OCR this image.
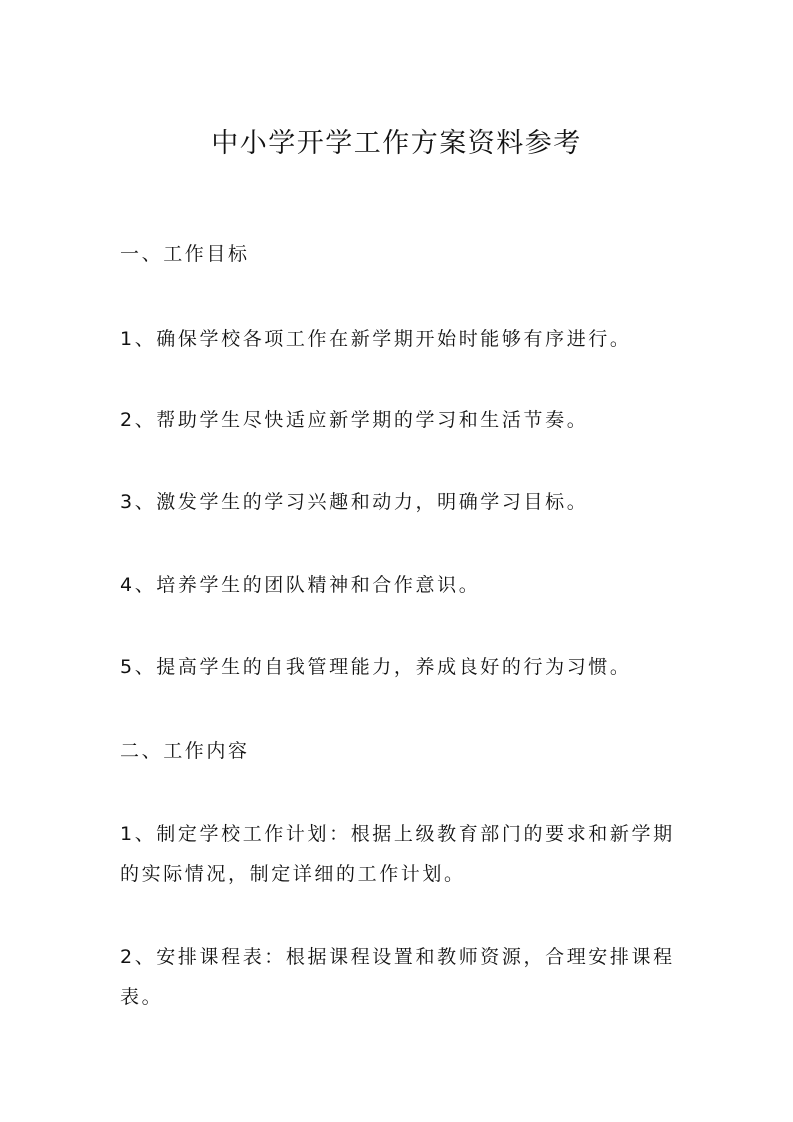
中小学开学工作方案资料参考

一、工作目标

1、确保学校各项工作在新学期开始时能够有序进行。

2、帮助学生尽快适应新学期的学习和生活节奏。

3、激发学生的学习兴趣和动力，明确学习目标。

4、培养学生的团队精神和合作意识。

5、提高学生的自我管理能力，养成良好的行为习惯。

二、工作内容

1、制定学校工作计划：根据上级教育部门的要求和新学期的实际情况，制定详细的工作计划。

2、安排课程表：根据课程设置和教师资源，合理安排课程表。
